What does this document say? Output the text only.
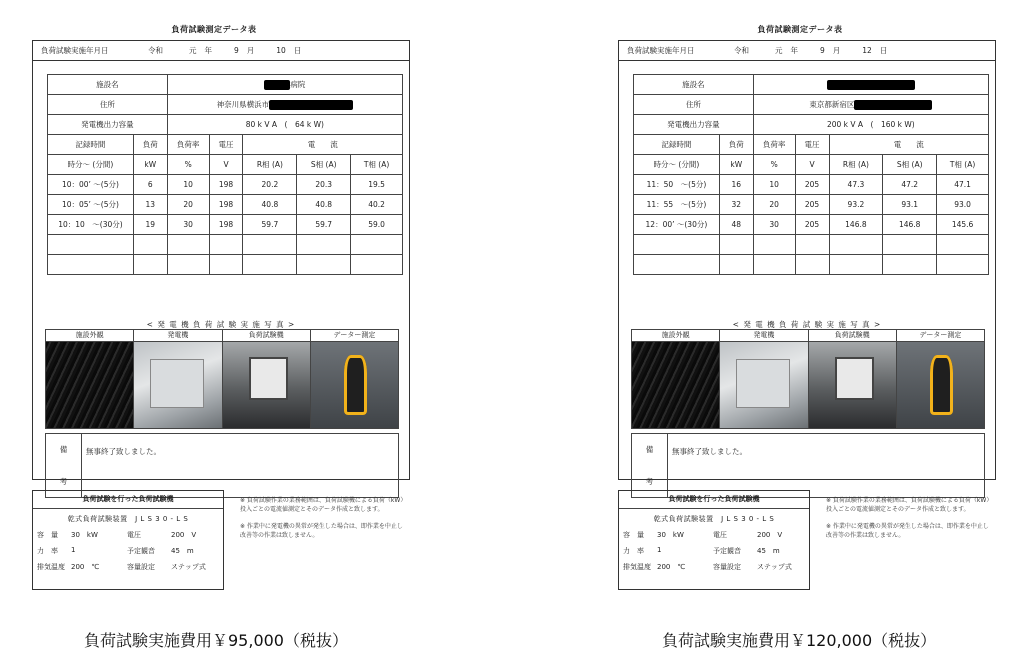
負荷試験測定データ表
負荷試験実施年月日	令和	元 年	9 月	10 日
施設名		病院				
住所		神奈川県横浜市				
発電機出力容量		80 k V A　(　64 k W)				
記録時間	負荷	負荷率	電圧	電　　流		
時分～ (分間)	kW	%	V	R相 (A)	S相 (A)	T相 (A)
10：00’ ～(5分)	6	10	198	20.2	20.3	19.5
10：05’ ～(5分)	13	20	198	40.8	40.8	40.2
10：10　～(30分)	19	30	198	59.7	59.7	59.0

< 発 電 機 負 荷 試 験 実 施 写 真 >
施設外観	発電機	負荷試験機	データー測定
備
考
無事終了致しました。
負荷試験を行った負荷試験機
乾式負荷試験装置　J L S 3 0 - L S
容　量	30　kW	電圧	200　V
力　率	1	予定観音	45　m
排気温度 200　℃	容量設定	ステップ式

※ 負荷試験作業の業務範囲は、負荷試験機による負荷（kW）投入ごとの電流値測定とそのデータ作成と致します。

※ 作業中に発電機の異常が発生した場合は、即作業を中止し改善等の作業は致しません。

負荷試験測定データ表
負荷試験実施年月日	令和	元 年	9 月	12 日
施設名						
住所		東京都新宿区				
発電機出力容量		200 k V A　(　160 k W)				
記録時間	負荷	負荷率	電圧	電　　流		
時分～ (分間)	kW	%	V	R相 (A)	S相 (A)	T相 (A)
11：50　～(5分)	16	10	205	47.3	47.2	47.1
11：55　～(5分)	32	20	205	93.2	93.1	93.0
12：00’ ～(30分)	48	30	205	146.8	146.8	145.6

< 発 電 機 負 荷 試 験 実 施 写 真 >
施設外観	発電機	負荷試験機	データー測定
備
考
無事終了致しました。
負荷試験を行った負荷試験機
乾式負荷試験装置　J L S 3 0 - L S
容　量	30　kW	電圧	200　V
力　率	1	予定観音	45　m
排気温度 200　℃	容量設定	ステップ式

※ 負荷試験作業の業務範囲は、負荷試験機による負荷（kW）投入ごとの電流値測定とそのデータ作成と致します。

※ 作業中に発電機の異常が発生した場合は、即作業を中止し改善等の作業は致しません。

負荷試験実施費用￥95,000（税抜）	負荷試験実施費用￥120,000（税抜）
